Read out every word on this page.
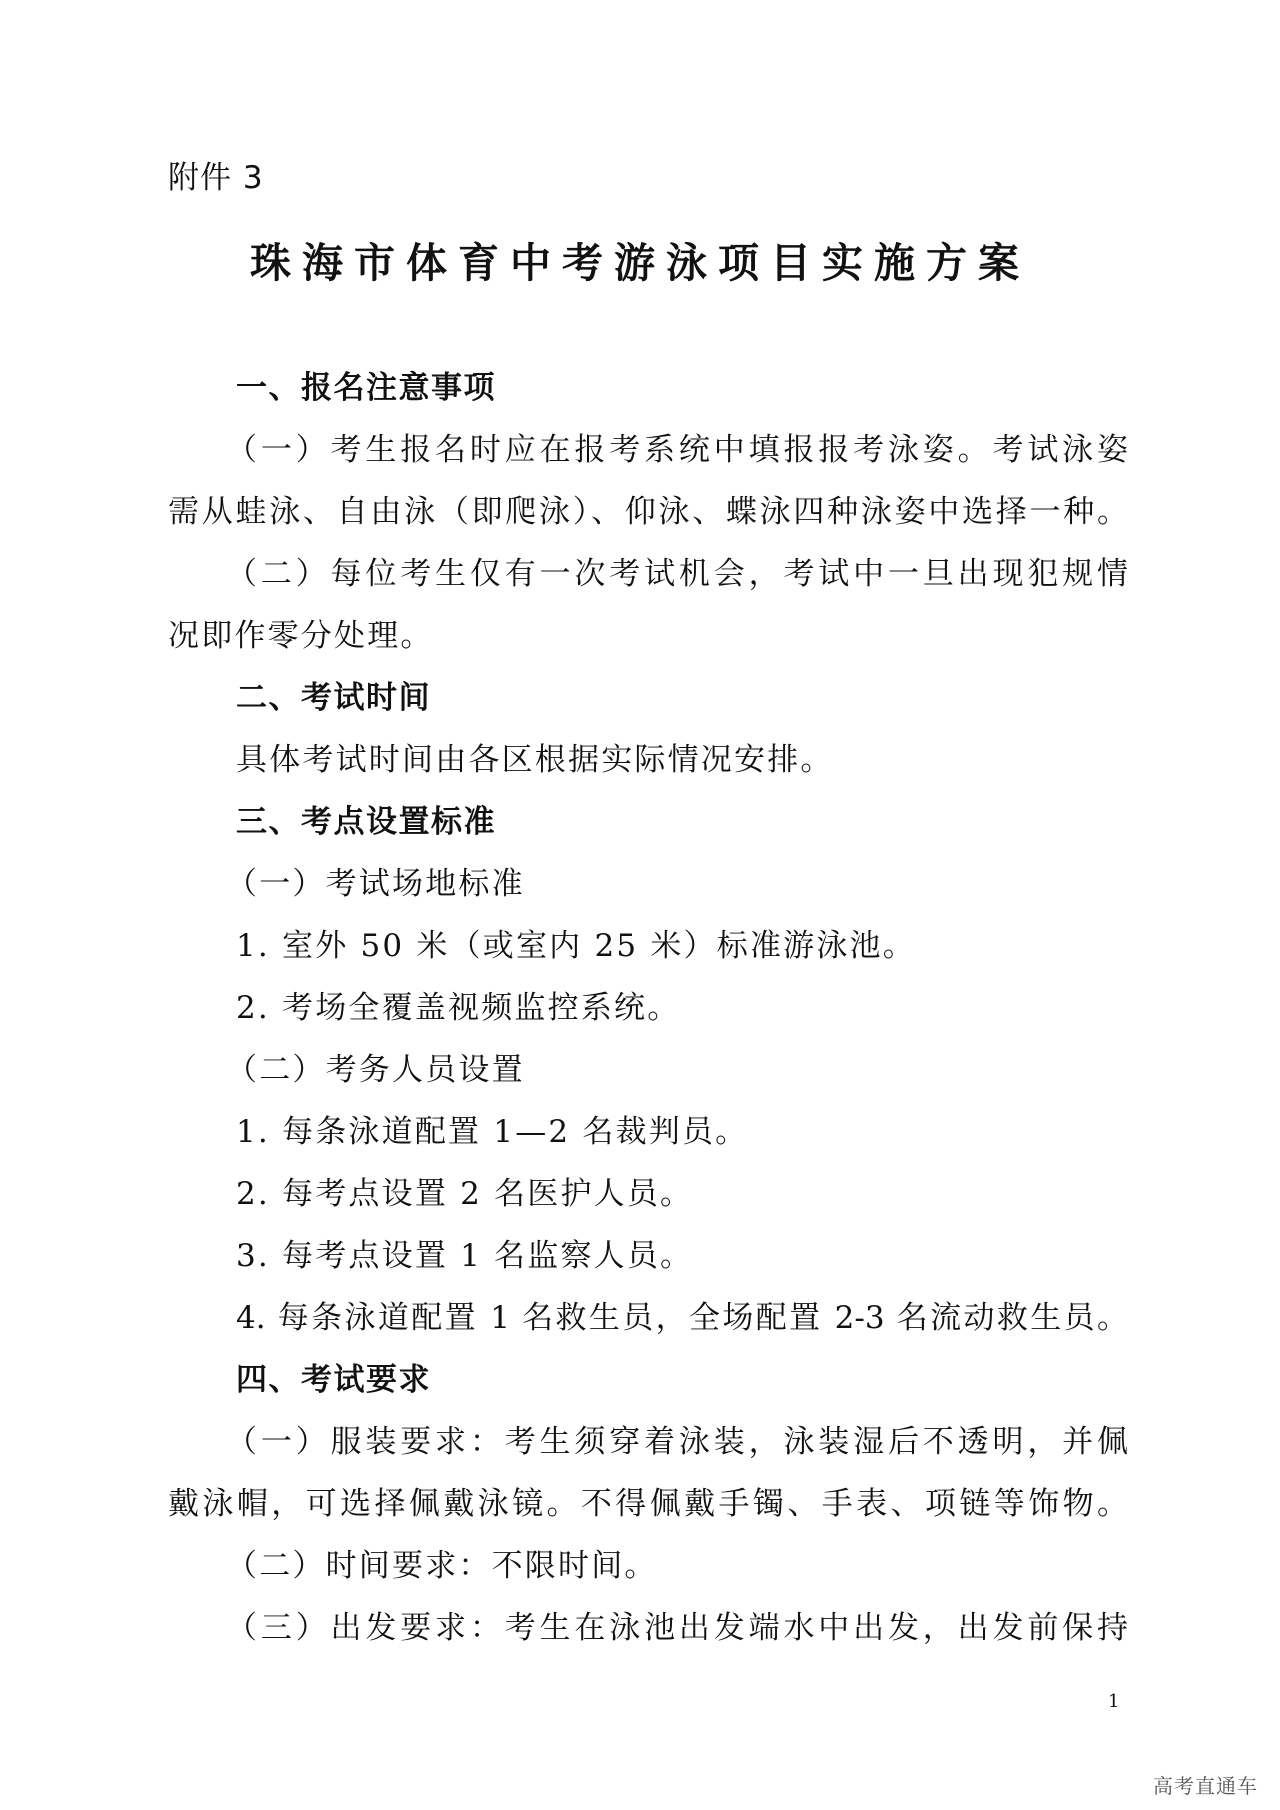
附件 3
珠海市体育中考游泳项目实施方案
一、报名注意事项
（一）考生报名时应在报考系统中填报报考泳姿。考试泳姿
需从蛙泳、自由泳（即爬泳）、仰泳、蝶泳四种泳姿中选择一种。
（二）每位考生仅有一次考试机会，考试中一旦出现犯规情
况即作零分处理。
二、考试时间
具体考试时间由各区根据实际情况安排。
三、考点设置标准
（一）考试场地标准
1. 室外 50 米（或室内 25 米）标准游泳池。
2. 考场全覆盖视频监控系统。
（二）考务人员设置
1. 每条泳道配置 1—2 名裁判员。
2. 每考点设置 2 名医护人员。
3. 每考点设置 1 名监察人员。
4. 每条泳道配置 1 名救生员，全场配置 2-3 名流动救生员。
四、考试要求
（一）服装要求：考生须穿着泳装，泳装湿后不透明，并佩
戴泳帽，可选择佩戴泳镜。不得佩戴手镯、手表、项链等饰物。
（二）时间要求：不限时间。
（三）出发要求：考生在泳池出发端水中出发，出发前保持
1
高考直通车
